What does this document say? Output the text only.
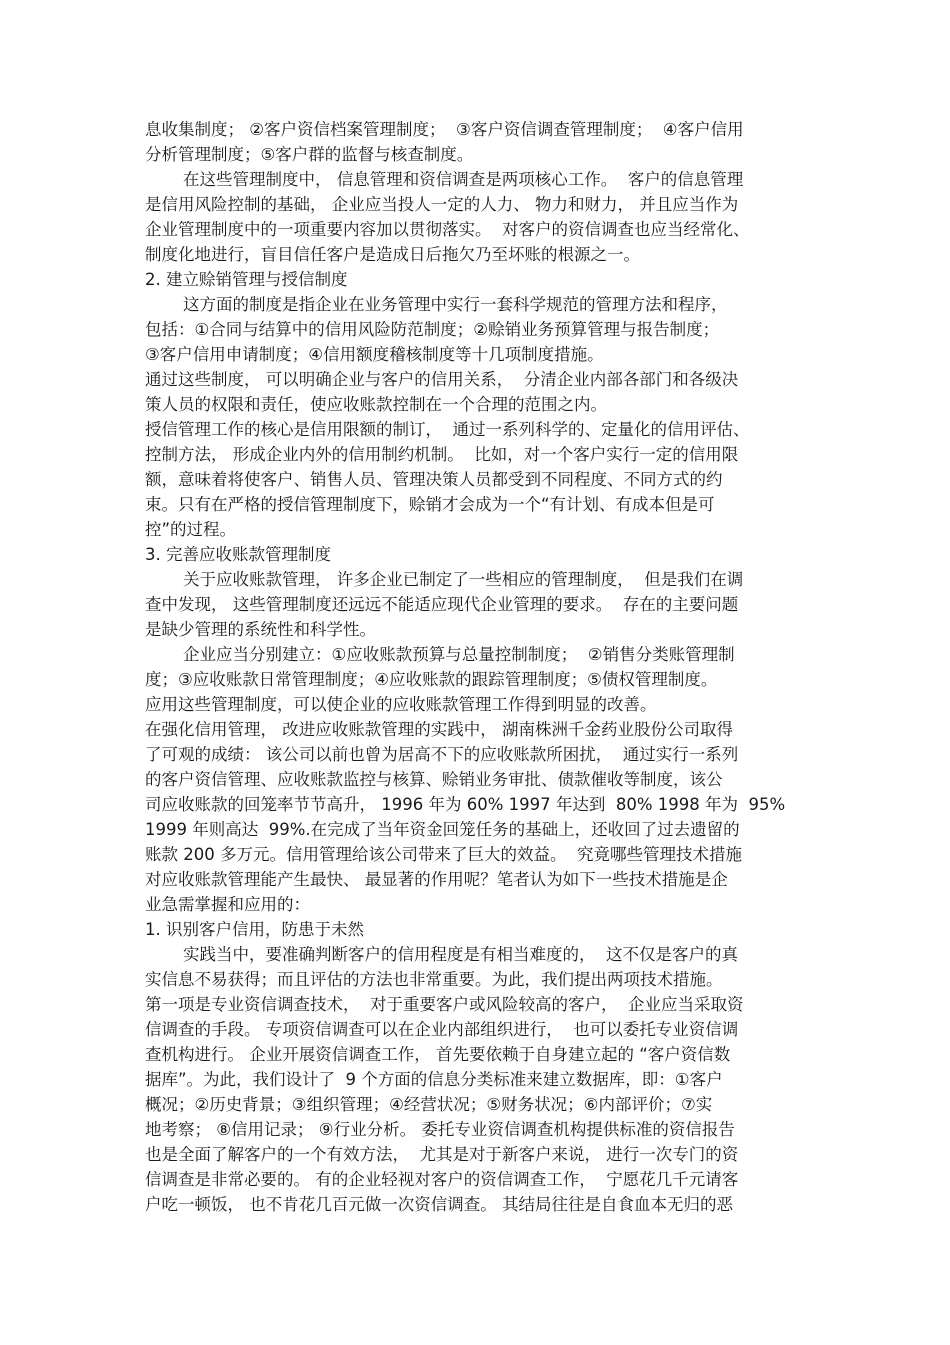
息收集制度； ②客户资信档案管理制度；  ③客户资信调查管理制度；  ④客户信用
分析管理制度；⑤客户群的监督与核查制度。
在这些管理制度中， 信息管理和资信调查是两项核心工作。  客户的信息管理
是信用风险控制的基础， 企业应当投人一定的人力、 物力和财力， 并且应当作为
企业管理制度中的一项重要内容加以贯彻落实。  对客户的资信调查也应当经常化、
制度化地进行，盲目信任客户是造成日后拖欠乃至坏账的根源之一。
2. 建立赊销管理与授信制度
这方面的制度是指企业在业务管理中实行一套科学规范的管理方法和程序，
包括：①合同与结算中的信用风险防范制度；②赊销业务预算管理与报告制度；
③客户信用申请制度；④信用额度稽核制度等十几项制度措施。
通过这些制度， 可以明确企业与客户的信用关系，  分清企业内部各部门和各级决
策人员的权限和责任，使应收账款控制在一个合理的范围之内。
授信管理工作的核心是信用限额的制订，  通过一系列科学的、定量化的信用评估、
控制方法， 形成企业内外的信用制约机制。  比如，对一个客户实行一定的信用限
额，意味着将使客户、销售人员、管理决策人员都受到不同程度、不同方式的约
束。只有在严格的授信管理制度下，赊销才会成为一个“有计划、有成本但是可
控”的过程。
3. 完善应收账款管理制度
关于应收账款管理， 许多企业已制定了一些相应的管理制度，  但是我们在调
查中发现， 这些管理制度还远远不能适应现代企业管理的要求。  存在的主要问题
是缺少管理的系统性和科学性。
企业应当分别建立：①应收账款预算与总量控制制度；  ②销售分类账管理制
度；③应收账款日常管理制度；④应收账款的跟踪管理制度；⑤债权管理制度。
应用这些管理制度，可以使企业的应收账款管理工作得到明显的改善。
在强化信用管理， 改进应收账款管理的实践中， 湖南株洲千金药业股份公司取得
了可观的成绩： 该公司以前也曾为居高不下的应收账款所困扰，  通过实行一系列
的客户资信管理、应收账款监控与核算、赊销业务审批、债款催收等制度，该公
司应收账款的回笼率节节高升， 1996 年为 60% 1997 年达到  80% 1998 年为  95%
1999 年则高达  99%.在完成了当年资金回笼任务的基础上，还收回了过去遗留的
账款 200 多万元。信用管理给该公司带来了巨大的效益。  究竟哪些管理技术措施
对应收账款管理能产生最快、 最显著的作用呢？笔者认为如下一些技术措施是企
业急需掌握和应用的：
1. 识别客户信用，防患于未然
实践当中，要准确判断客户的信用程度是有相当难度的，  这不仅是客户的真
实信息不易获得；而且评估的方法也非常重要。为此，我们提出两项技术措施。
第一项是专业资信调查技术，  对于重要客户或风险较高的客户，  企业应当采取资
信调查的手段。 专项资信调查可以在企业内部组织进行，  也可以委托专业资信调
查机构进行。 企业开展资信调查工作， 首先要依赖于自身建立起的 “客户资信数
据库”。为此，我们设计了  9 个方面的信息分类标准来建立数据库，即：①客户
概况；②历史背景；③组织管理；④经营状况；⑤财务状况；⑥内部评价；⑦实
地考察； ⑧信用记录； ⑨行业分析。 委托专业资信调查机构提供标准的资信报告
也是全面了解客户的一个有效方法，  尤其是对于新客户来说， 进行一次专门的资
信调查是非常必要的。 有的企业轻视对客户的资信调查工作，  宁愿花几千元请客
户吃一顿饭， 也不肯花几百元做一次资信调查。 其结局往往是自食血本无归的恶
